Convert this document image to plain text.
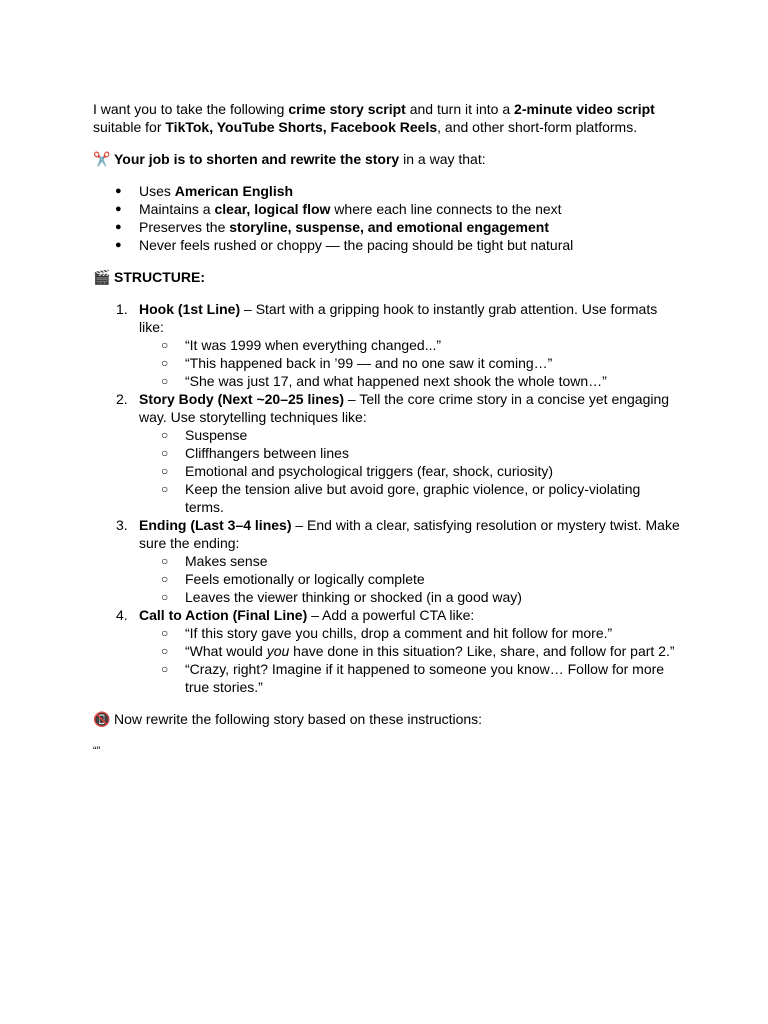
I want you to take the following crime story script and turn it into a 2-minute video script suitable for TikTok, YouTube Shorts, Facebook Reels, and other short-form platforms.

✂️ Your job is to shorten and rewrite the story in a way that:

● Uses American English
● Maintains a clear, logical flow where each line connects to the next
● Preserves the storyline, suspense, and emotional engagement
● Never feels rushed or choppy — the pacing should be tight but natural

🎬 STRUCTURE:

1. Hook (1st Line) – Start with a gripping hook to instantly grab attention. Use formats like:
○ “It was 1999 when everything changed...”
○ “This happened back in ’99 — and no one saw it coming…”
○ “She was just 17, and what happened next shook the whole town…”
2. Story Body (Next ~20–25 lines) – Tell the core crime story in a concise yet engaging way. Use storytelling techniques like:
○ Suspense
○ Cliffhangers between lines
○ Emotional and psychological triggers (fear, shock, curiosity)
○ Keep the tension alive but avoid gore, graphic violence, or policy-violating terms.
3. Ending (Last 3–4 lines) – End with a clear, satisfying resolution or mystery twist. Make sure the ending:
○ Makes sense
○ Feels emotionally or logically complete
○ Leaves the viewer thinking or shocked (in a good way)
4. Call to Action (Final Line) – Add a powerful CTA like:
○ “If this story gave you chills, drop a comment and hit follow for more.”
○ “What would you have done in this situation? Like, share, and follow for part 2.”
○ “Crazy, right? Imagine if it happened to someone you know… Follow for more true stories.”

📵 Now rewrite the following story based on these instructions:

“”
